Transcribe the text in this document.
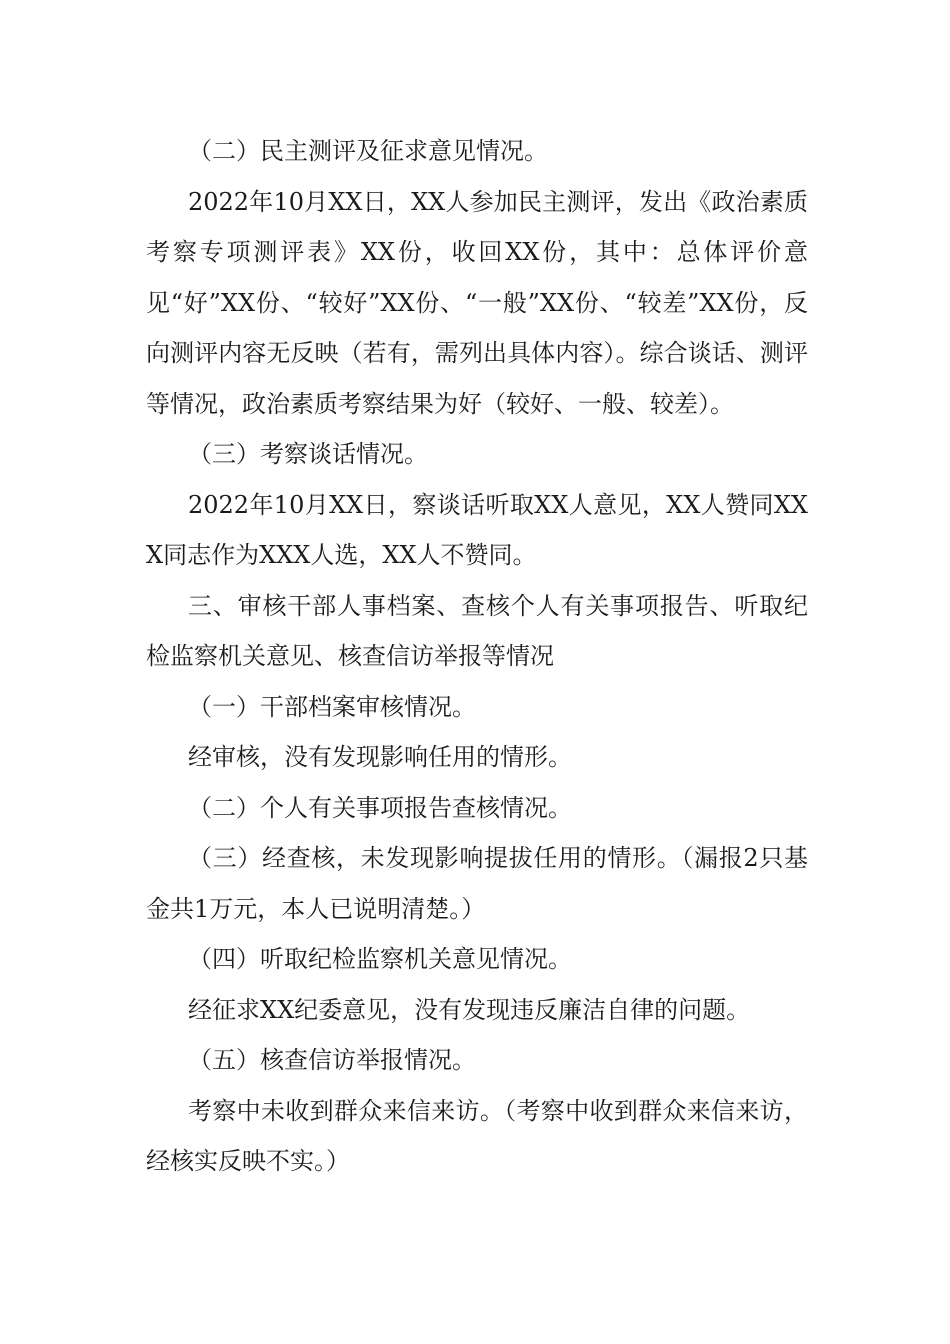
（二）民主测评及征求意见情况。

2022年10月XX日，XX人参加民主测评，发出《政治素质考察专项测评表》XX份，收回XX份，其中：总体评价意见“好”XX份、“较好”XX份、“一般”XX份、“较差”XX份，反向测评内容无反映（若有，需列出具体内容）。综合谈话、测评等情况，政治素质考察结果为好（较好、一般、较差）。

（三）考察谈话情况。

2022年10月XX日，察谈话听取XX人意见，XX人赞同XXX同志作为XXX人选，XX人不赞同。

三、审核干部人事档案、查核个人有关事项报告、听取纪检监察机关意见、核查信访举报等情况

（一）干部档案审核情况。

经审核，没有发现影响任用的情形。

（二）个人有关事项报告查核情况。

（三）经查核，未发现影响提拔任用的情形。（漏报2只基金共1万元，本人已说明清楚。）

（四）听取纪检监察机关意见情况。

经征求XX纪委意见，没有发现违反廉洁自律的问题。

（五）核查信访举报情况。

考察中未收到群众来信来访。（考察中收到群众来信来访，经核实反映不实。）
